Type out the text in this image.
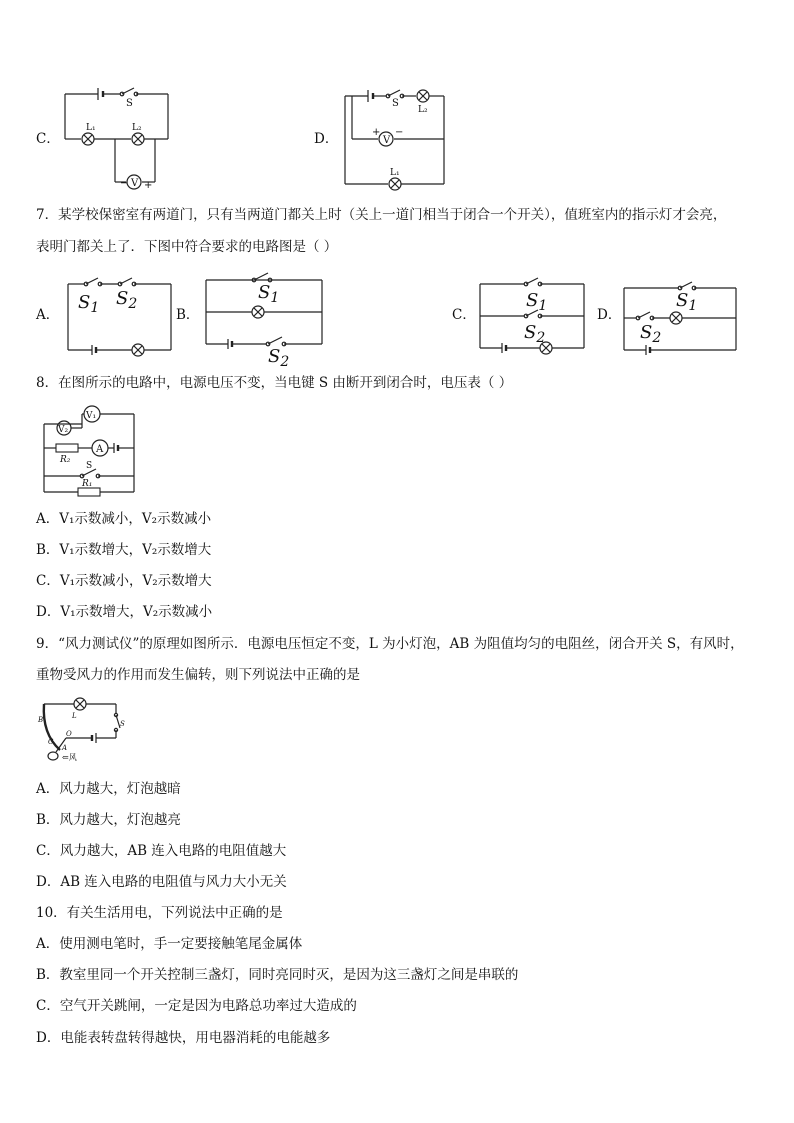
C．
V
− +
S
L₁	L₂
D．	V
+ −
S
L₂
L₁
7．某学校保密室有两道门，只有当两道门都关上时（关上一道门相当于闭合一个开关），值班室内的指示灯才会亮，
表明门都关上了．下图中符合要求的电路图是（ ）
A．
$S_1$ $S_2$
B．
$S_1$
$S_2$
C．
$S_1$
$S_2$
D．
$S_1$
$S_2$
8．在图所示的电路中，电源电压不变，当电键 S 由断开到闭合时，电压表（ ）
V₁
V₂
A
R₂
S
R₁
A．V₁示数减小，V₂示数减小
B．V₁示数增大，V₂示数增大
C．V₁示数减小，V₂示数增大
D．V₁示数增大，V₂示数减小
9．“风力测试仪”的原理如图所示．电源电压恒定不变，L 为小灯泡，AB 为阻值均匀的电阻丝，闭合开关 S，有风时，
重物受风力的作用而发生偏转，则下列说法中正确的是
B	L
S
O
C
A
⇐风
A．风力越大，灯泡越暗
B．风力越大，灯泡越亮
C．风力越大，AB 连入电路的电阻值越大
D．AB 连入电路的电阻值与风力大小无关
10．有关生活用电，下列说法中正确的是
A．使用测电笔时，手一定要接触笔尾金属体
B．教室里同一个开关控制三盏灯，同时亮同时灭，是因为这三盏灯之间是串联的
C．空气开关跳闸，一定是因为电路总功率过大造成的
D．电能表转盘转得越快，用电器消耗的电能越多
